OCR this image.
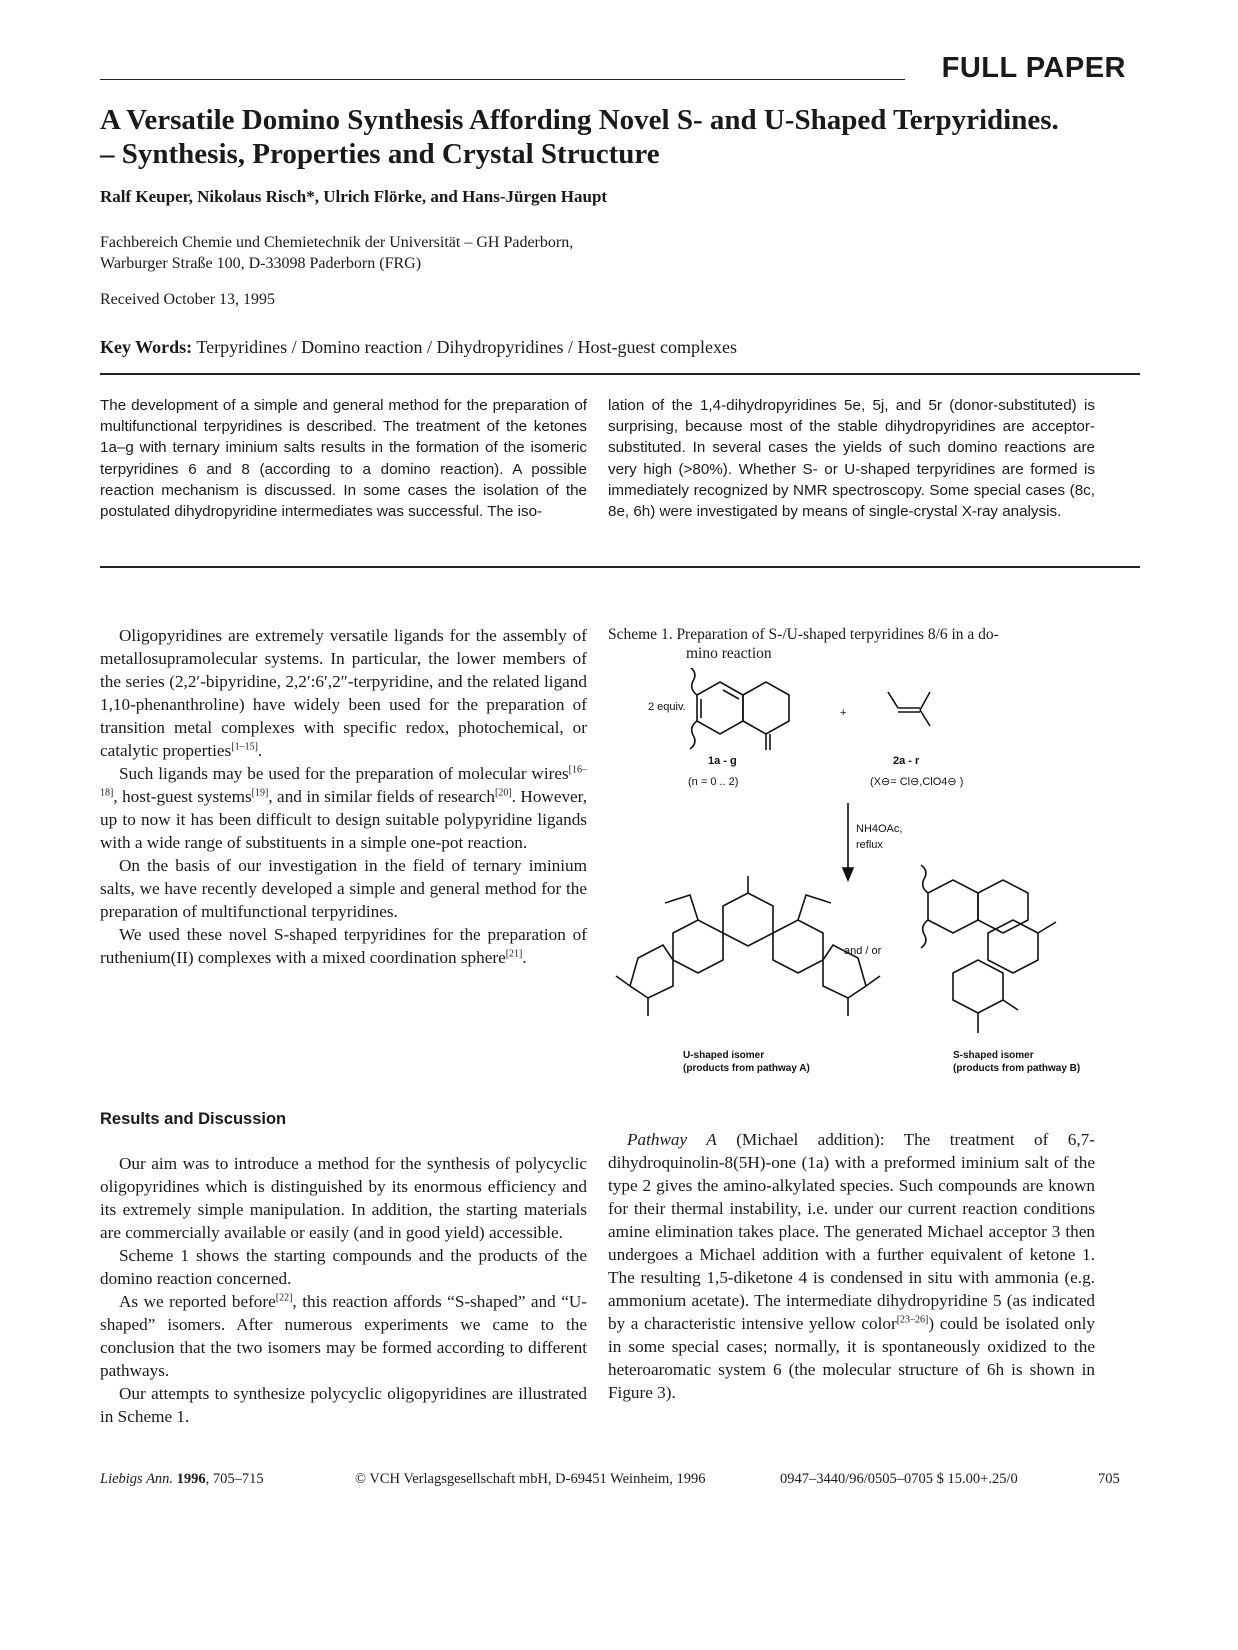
FULL PAPER
A Versatile Domino Synthesis Affording Novel S- and U-Shaped Terpyridines.
– Synthesis, Properties and Crystal Structure
Ralf Keuper, Nikolaus Risch*, Ulrich Flörke, and Hans-Jürgen Haupt
Fachbereich Chemie und Chemietechnik der Universität – GH Paderborn,
Warburger Straße 100, D-33098 Paderborn (FRG)
Received October 13, 1995
Key Words: Terpyridines / Domino reaction / Dihydropyridines / Host-guest complexes
The development of a simple and general method for the preparation of multifunctional terpyridines is described. The treatment of the ketones 1a–g with ternary iminium salts results in the formation of the isomeric terpyridines 6 and 8 (according to a domino reaction). A possible reaction mechanism is discussed. In some cases the isolation of the postulated dihydropyridine intermediates was successful. The iso-
lation of the 1,4-dihydropyridines 5e, 5j, and 5r (donor-substituted) is surprising, because most of the stable dihydropyridines are acceptor-substituted. In several cases the yields of such domino reactions are very high (>80%). Whether S- or U-shaped terpyridines are formed is immediately recognized by NMR spectroscopy. Some special cases (8c, 8e, 6h) were investigated by means of single-crystal X-ray analysis.

Oligopyridines are extremely versatile ligands for the assembly of metallosupramolecular systems. In particular, the lower members of the series (2,2′-bipyridine, 2,2′:6′,2″-terpyridine, and the related ligand 1,10-phenanthroline) have widely been used for the preparation of transition metal complexes with specific redox, photochemical, or catalytic properties[1–15].

Such ligands may be used for the preparation of molecular wires[16–18], host-guest systems[19], and in similar fields of research[20]. However, up to now it has been difficult to design suitable polypyridine ligands with a wide range of substituents in a simple one-pot reaction.

On the basis of our investigation in the field of ternary iminium salts, we have recently developed a simple and general method for the preparation of multifunctional terpyridines.

We used these novel S-shaped terpyridines for the preparation of ruthenium(II) complexes with a mixed coordination sphere[21].

Results and Discussion

Our aim was to introduce a method for the synthesis of polycyclic oligopyridines which is distinguished by its enormous efficiency and its extremely simple manipulation. In addition, the starting materials are commercially available or easily (and in good yield) accessible.

Scheme 1 shows the starting compounds and the products of the domino reaction concerned.

As we reported before[22], this reaction affords “S-shaped” and “U-shaped” isomers. After numerous experiments we came to the conclusion that the two isomers may be formed according to different pathways.

Our attempts to synthesize polycyclic oligopyridines are illustrated in Scheme 1.

Scheme 1. Preparation of S-/U-shaped terpyridines 8/6 in a do-
mino reaction
2 equiv.
1a - g
(n = 0 .. 2)
+
2a - r
(X⊖= Cl⊖,ClO4⊖ )
NH4OAc,
reflux
and / or
U-shaped isomer
(products from pathway A)
S-shaped isomer
(products from pathway B)

Pathway A (Michael addition): The treatment of 6,7-dihydroquinolin-8(5H)-one (1a) with a preformed iminium salt of the type 2 gives the amino-alkylated species. Such compounds are known for their thermal instability, i.e. under our current reaction conditions amine elimination takes place. The generated Michael acceptor 3 then undergoes a Michael addition with a further equivalent of ketone 1. The resulting 1,5-diketone 4 is condensed in situ with ammonia (e.g. ammonium acetate). The intermediate dihydropyridine 5 (as indicated by a characteristic intensive yellow color[23–26]) could be isolated only in some special cases; normally, it is spontaneously oxidized to the heteroaromatic system 6 (the molecular structure of 6h is shown in Figure 3).

Liebigs Ann. 1996, 705–715	© VCH Verlagsgesellschaft mbH, D-69451 Weinheim, 1996	0947–3440/96/0505–0705 $ 15.00+.25/0	705
